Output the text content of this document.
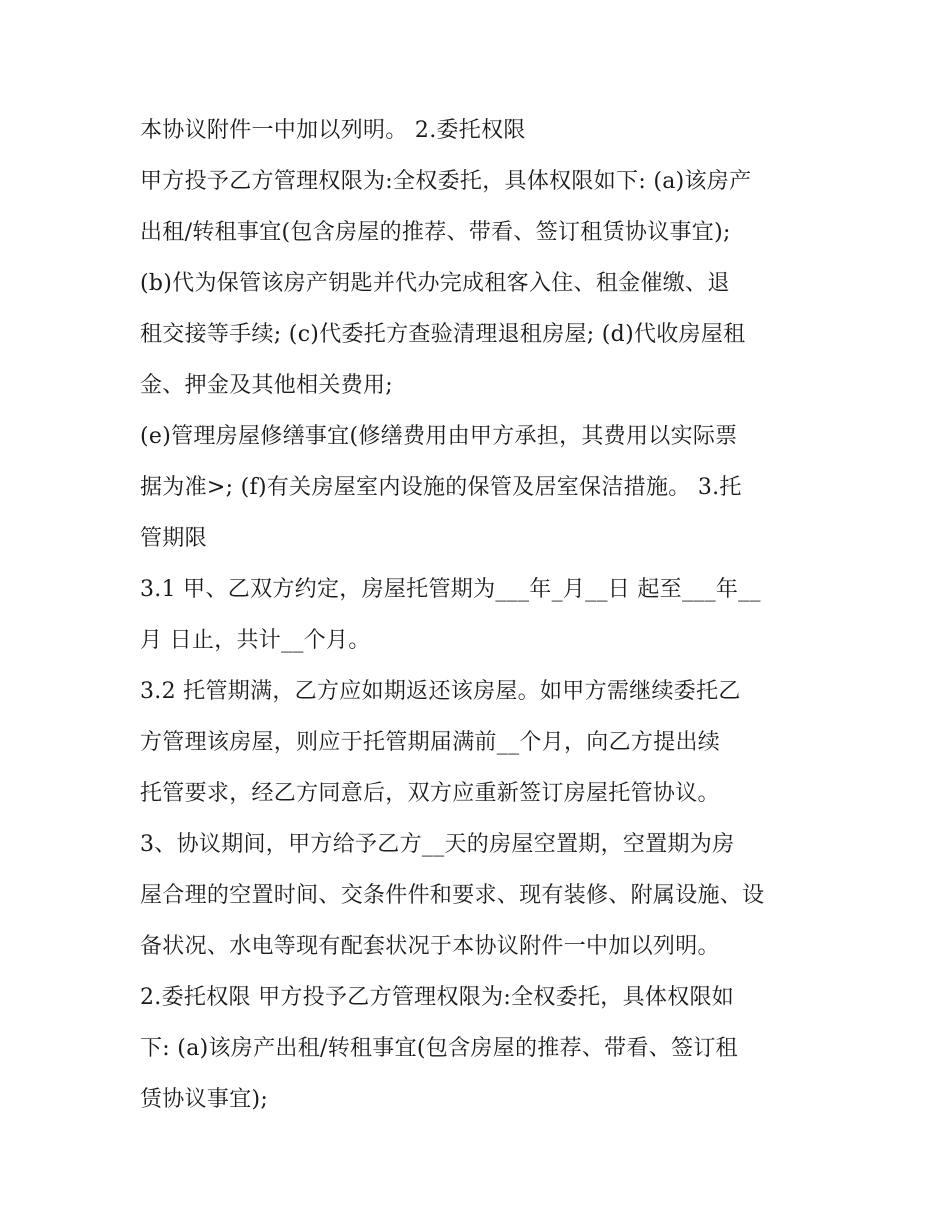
本协议附件一中加以列明。 2.委托权限
甲方投予乙方管理权限为:全权委托，具体权限如下: (a)该房产
出租/转租事宜(包含房屋的推荐、带看、签订租赁协议事宜);
(b)代为保管该房产钥匙并代办完成租客入住、租金催缴、退
租交接等手续; (c)代委托方查验清理退租房屋; (d)代收房屋租
金、押金及其他相关费用;
(e)管理房屋修缮事宜(修缮费用由甲方承担，其费用以实际票
据为准>; (f)有关房屋室内设施的保管及居室保洁措施。 3.托
管期限
3.1 甲、乙双方约定，房屋托管期为___年_月__日 起至___年__
月 日止，共计__个月。
3.2 托管期满，乙方应如期返还该房屋。如甲方需继续委托乙
方管理该房屋，则应于托管期届满前__个月，向乙方提出续
托管要求，经乙方同意后，双方应重新签订房屋托管协议。
3、协议期间，甲方给予乙方__天的房屋空置期，空置期为房
屋合理的空置时间、交条件件和要求、现有装修、附属设施、设
备状况、水电等现有配套状况于本协议附件一中加以列明。
2.委托权限 甲方投予乙方管理权限为:全权委托，具体权限如
下: (a)该房产出租/转租事宜(包含房屋的推荐、带看、签订租
赁协议事宜);
